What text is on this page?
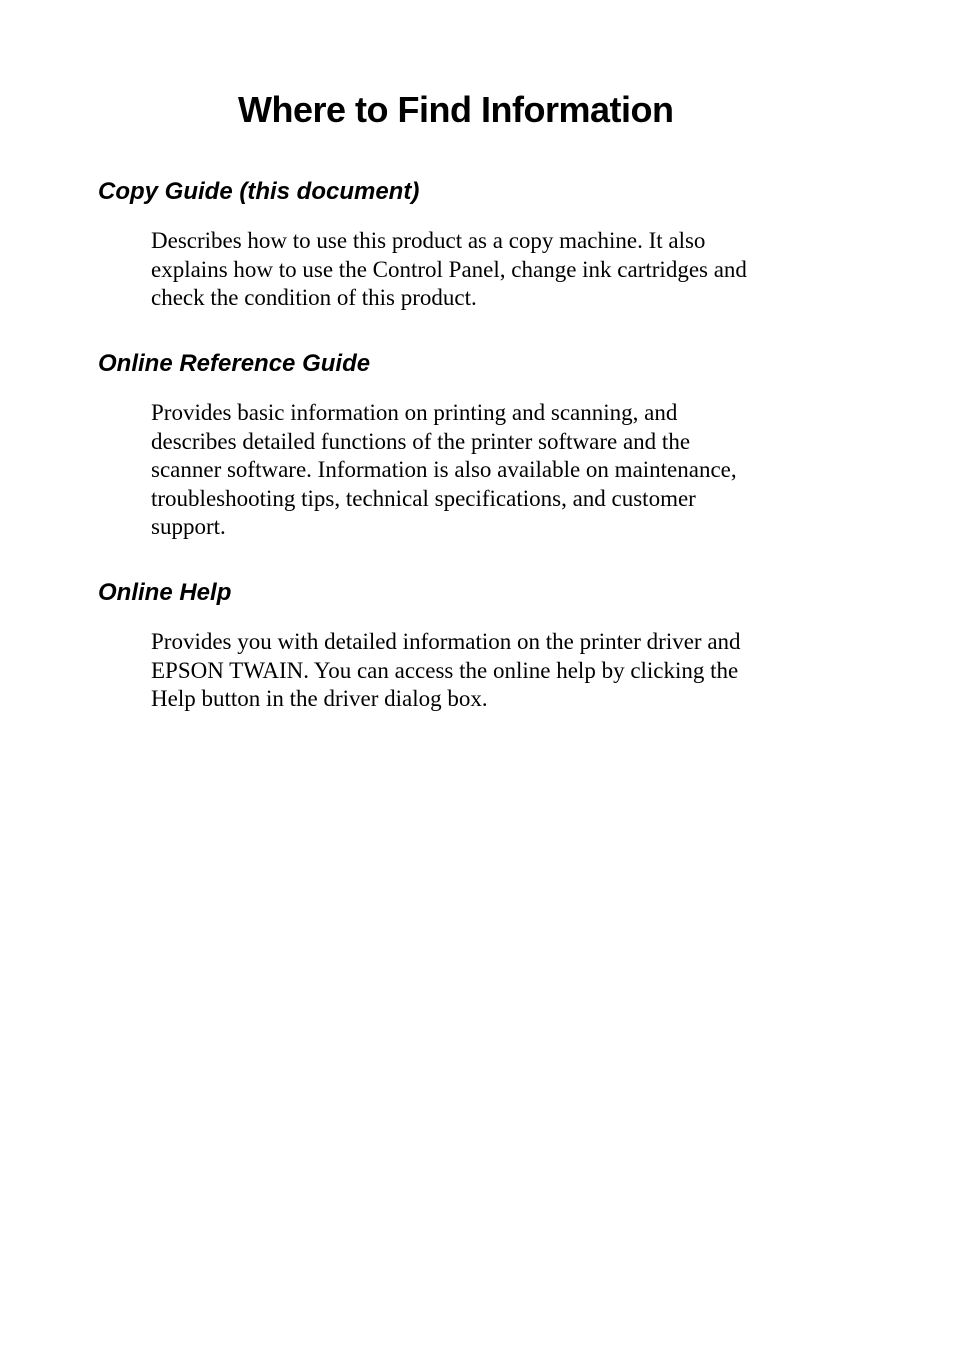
Where to Find Information
Copy Guide (this document)

Describes how to use this product as a copy machine. It also
explains how to use the Control Panel, change ink cartridges and
check the condition of this product.

Online Reference Guide

Provides basic information on printing and scanning, and
describes detailed functions of the printer software and the
scanner software. Information is also available on maintenance,
troubleshooting tips, technical specifications, and customer
support.

Online Help

Provides you with detailed information on the printer driver and
EPSON TWAIN. You can access the online help by clicking the
Help button in the driver dialog box.
